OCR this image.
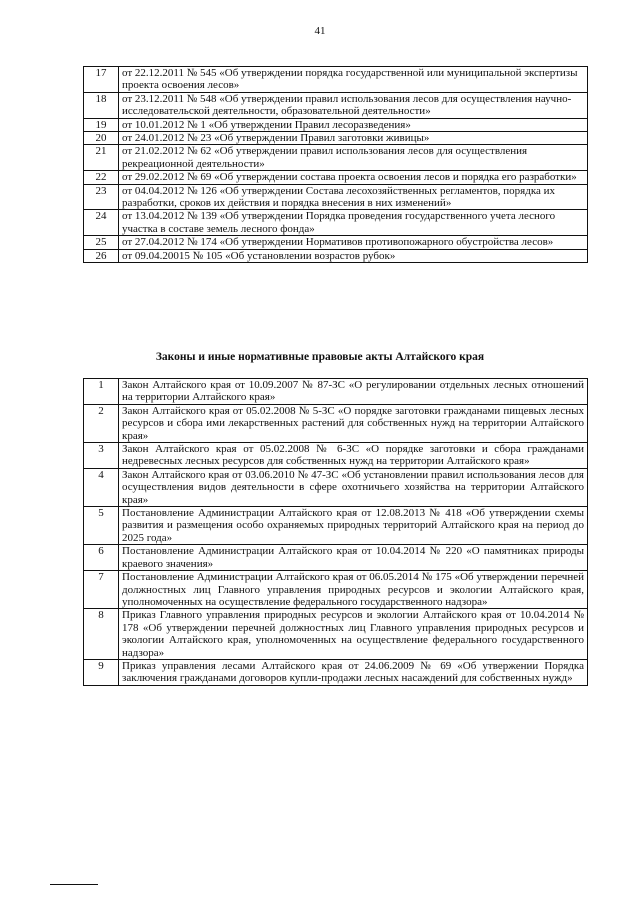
41
17	от 22.12.2011 № 545 «Об утверждении порядка государственной или муниципальной экспертизы проекта освоения лесов»
18	от 23.12.2011 № 548 «Об утверждении правил использования лесов для осуществления научно-исследовательской деятельности, образовательной деятельности»
19	от 10.01.2012 № 1 «Об утверждении Правил лесоразведения»
20	от 24.01.2012 № 23 «Об утверждении Правил заготовки живицы»
21	от 21.02.2012 № 62 «Об утверждении правил использования лесов для осуществления рекреационной деятельности»
22	от 29.02.2012 № 69 «Об утверждении состава проекта освоения лесов и порядка его разработки»
23	от 04.04.2012 № 126 «Об утверждении Состава лесохозяйственных регламентов, порядка их разработки, сроков их действия и порядка внесения в них изменений»
24	от 13.04.2012 № 139 «Об утверждении Порядка проведения государственного учета лесного участка в составе земель лесного фонда»
25	от 27.04.2012 № 174 «Об утверждении Нормативов противопожарного обустройства лесов»
26	от 09.04.20015 № 105 «Об установлении возрастов рубок»
Законы и иные нормативные правовые акты Алтайского края
1	Закон Алтайского края от 10.09.2007 № 87-ЗС «О регулировании отдельных лесных отношений на территории Алтайского края»
2	Закон Алтайского края от 05.02.2008 № 5-ЗС «О порядке заготовки гражданами пищевых лесных ресурсов и сбора ими лекарственных растений для собственных нужд на территории Алтайского края»
3	Закон Алтайского края от 05.02.2008 № 6-ЗС «О порядке заготовки и сбора гражданами недревесных лесных ресурсов для собственных нужд на территории Алтайского края»
4	Закон Алтайского края от 03.06.2010 № 47-ЗС «Об установлении правил использования лесов для осуществления видов деятельности в сфере охотничьего хозяйства на территории Алтайского края»
5	Постановление Администрации Алтайского края от 12.08.2013 № 418 «Об утверждении схемы развития и размещения особо охраняемых природных территорий Алтайского края на период до 2025 года»
6	Постановление Администрации Алтайского края от 10.04.2014 № 220 «О памятниках природы краевого значения»
7	Постановление Администрации Алтайского края от 06.05.2014 № 175 «Об утверждении перечней должностных лиц Главного управления природных ресурсов и экологии Алтайского края, уполномоченных на осуществление федерального государственного надзора»
8	Приказ Главного управления природных ресурсов и экологии Алтайского края от 10.04.2014 № 178 «Об утверждении перечней должностных лиц Главного управления природных ресурсов и экологии Алтайского края, уполномоченных на осуществление федерального государственного надзора»
9	Приказ управления лесами Алтайского края от 24.06.2009 № 69 «Об утвержении Порядка заключения гражданами договоров купли-продажи лесных насаждений для собственных нужд»
